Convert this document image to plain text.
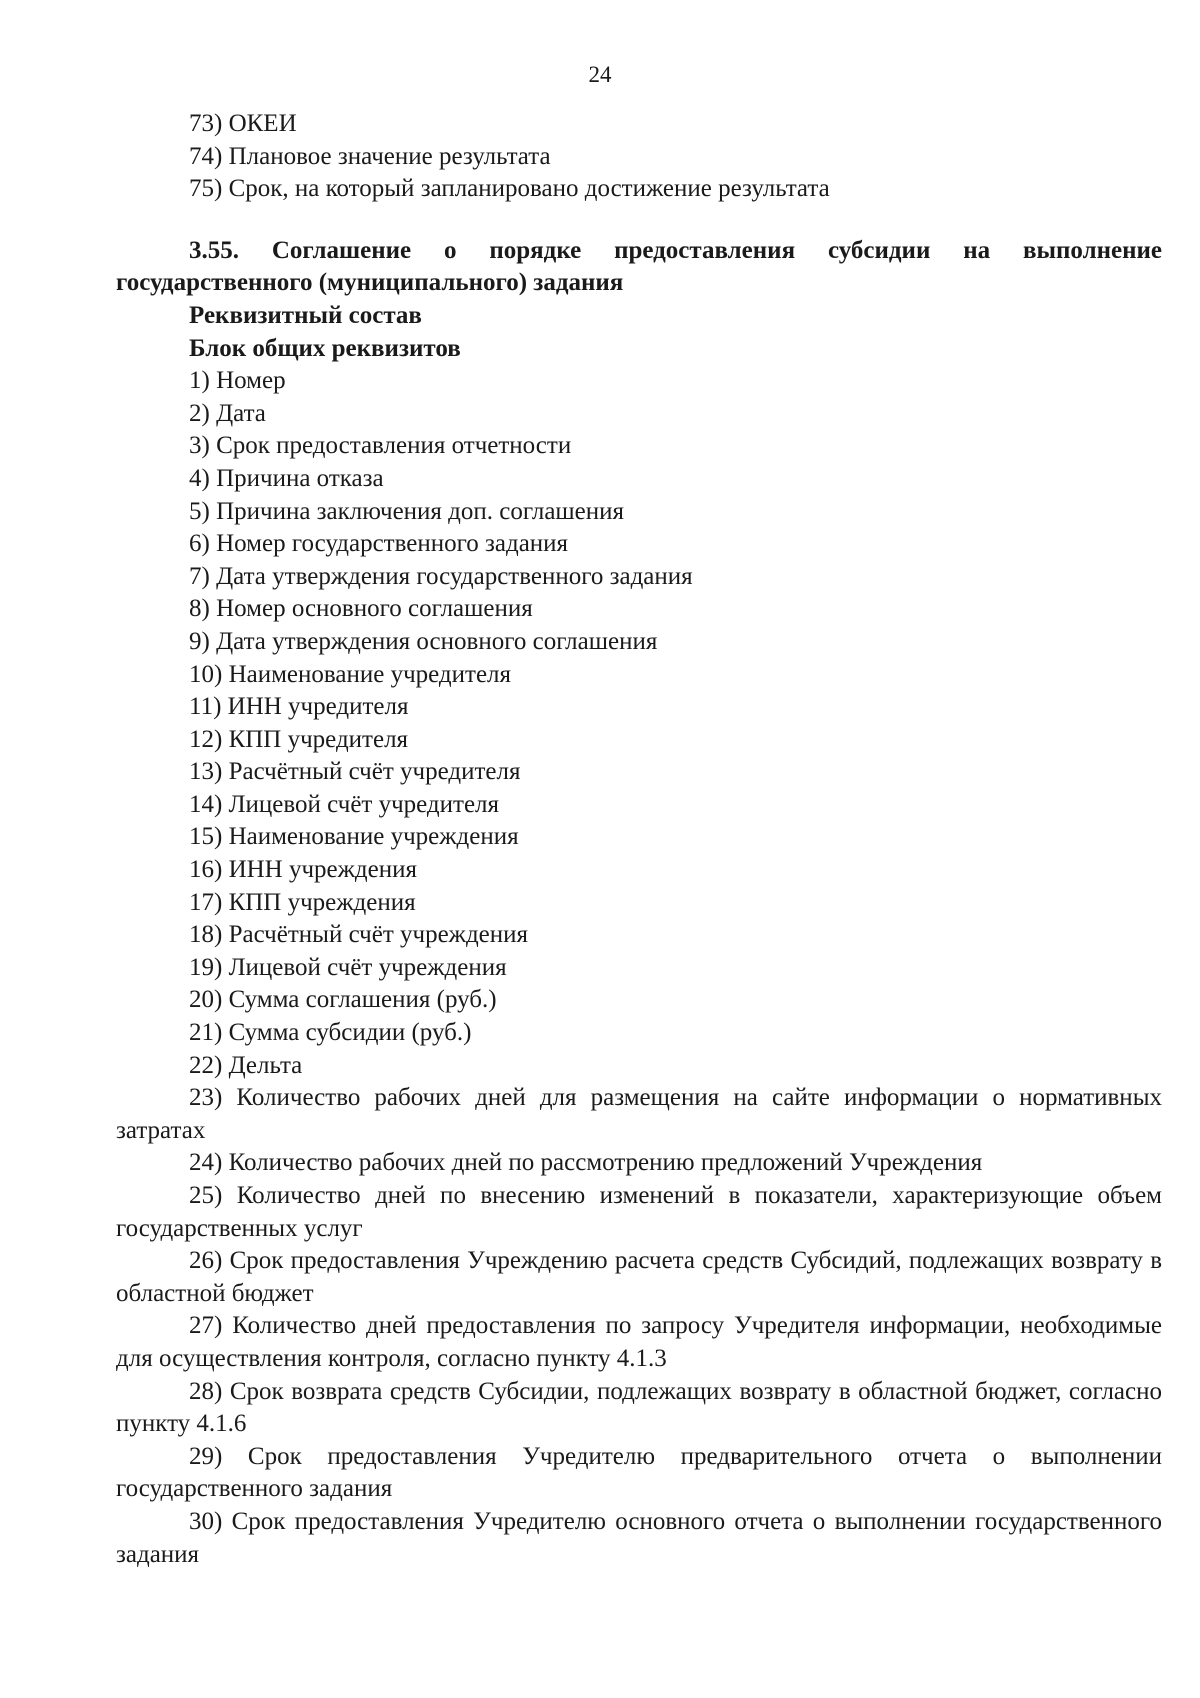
24

73) ОКЕИ

74) Плановое значение результата

75) Срок, на который запланировано достижение результата

3.55. Соглашение о порядке предоставления субсидии на выполнение государственного (муниципального) задания

Реквизитный состав

Блок общих реквизитов

1) Номер

2) Дата

3) Срок предоставления отчетности

4) Причина отказа

5) Причина заключения доп. соглашения

6) Номер государственного задания

7) Дата утверждения государственного задания

8) Номер основного соглашения

9) Дата утверждения основного соглашения

10) Наименование учредителя

11) ИНН учредителя

12) КПП учредителя

13) Расчётный счёт учредителя

14) Лицевой счёт учредителя

15) Наименование учреждения

16) ИНН учреждения

17) КПП учреждения

18) Расчётный счёт учреждения

19) Лицевой счёт учреждения

20) Сумма соглашения (руб.)

21) Сумма субсидии (руб.)

22) Дельта

23) Количество рабочих дней для размещения на сайте информации о нормативных затратах

24) Количество рабочих дней по рассмотрению предложений Учреждения

25) Количество дней по внесению изменений в показатели, характеризующие объем государственных услуг

26) Срок предоставления Учреждению расчета средств Субсидий, подлежащих возврату в областной бюджет

27) Количество дней предоставления по запросу Учредителя информации, необходимые для осуществления контроля, согласно пункту 4.1.3

28) Срок возврата средств Субсидии, подлежащих возврату в областной бюджет, согласно пункту 4.1.6

29) Срок предоставления Учредителю предварительного отчета о выполнении государственного задания

30) Срок предоставления Учредителю основного отчета о выполнении государственного задания
